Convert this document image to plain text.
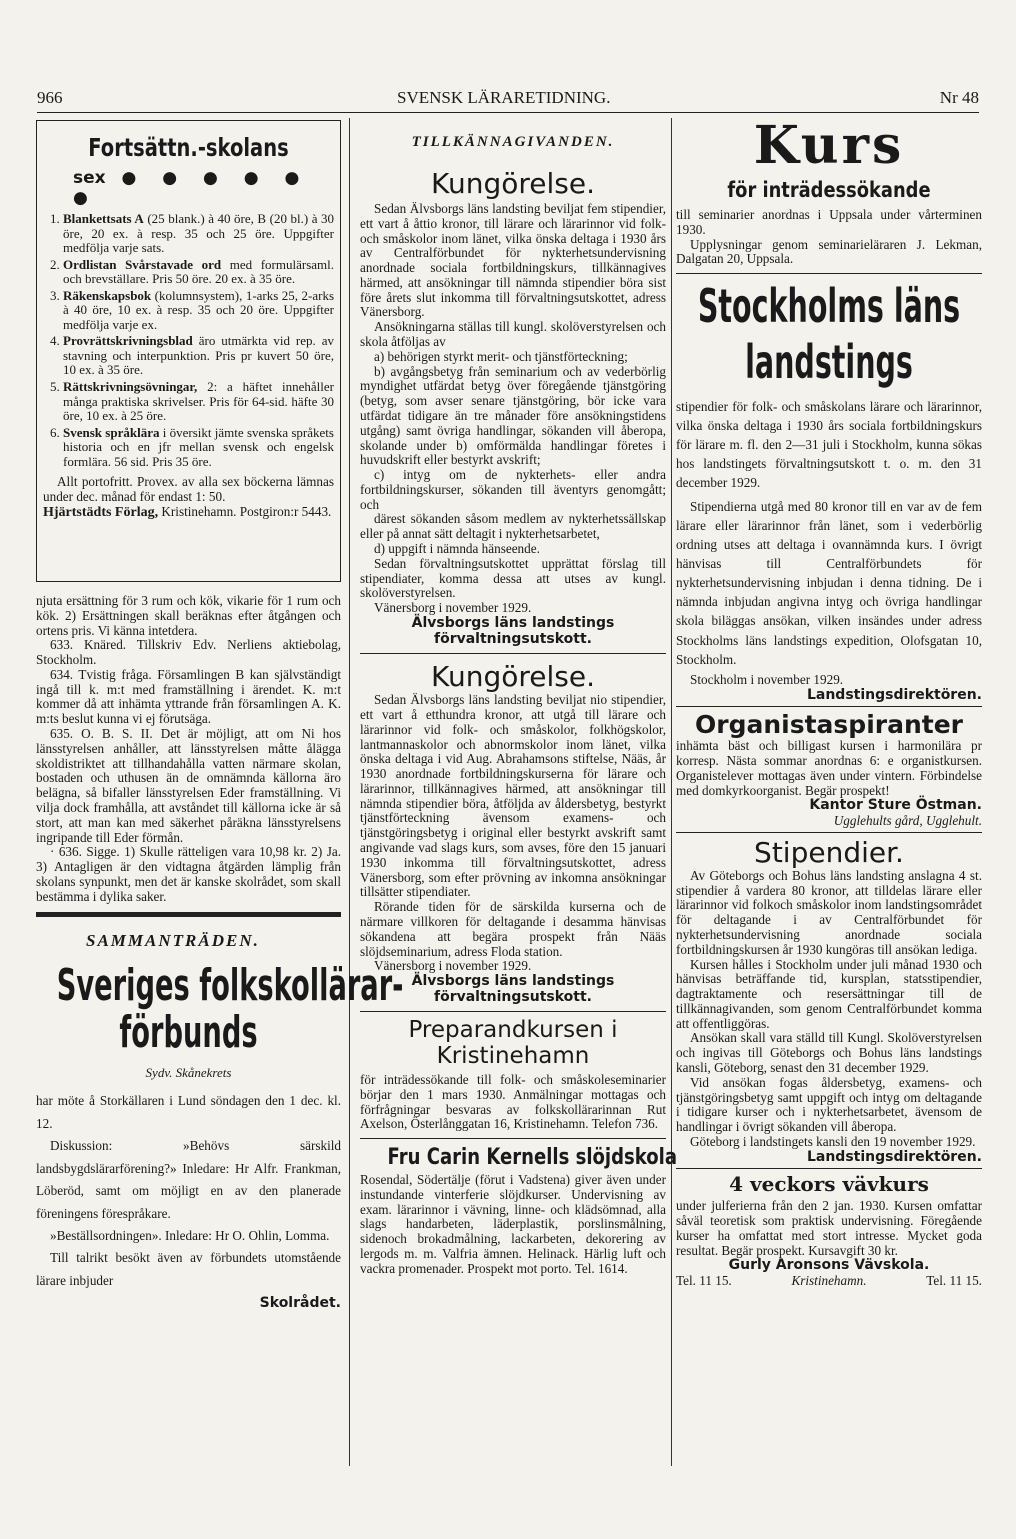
966	SVENSK LÄRARETIDNING.	Nr 48
Fortsättn.-skolans
sex ● ● ● ● ● ●
1. Blankettsats A (25 blank.) à 40 öre, B (20 bl.) à 30 öre, 20 ex. à resp. 35 och 25 öre. Uppgifter medfölja varje sats.
2. Ordlistan Svårstavade ord med formulärsaml. och brevställare. Pris 50 öre. 20 ex. à 35 öre.
3. Räkenskapsbok (kolumnsystem), 1-arks 25, 2-arks à 40 öre, 10 ex. à resp. 35 och 20 öre. Uppgifter medfölja varje ex.
4. Provrättskrivningsblad äro utmärkta vid rep. av stavning och interpunktion. Pris pr kuvert 50 öre, 10 ex. à 35 öre.
5. Rättskrivningsövningar, 2: a häftet innehåller många praktiska skrivelser. Pris för 64-sid. häfte 30 öre, 10 ex. à 25 öre.
6. Svensk språklära i översikt jämte svenska språkets historia och en jfr mellan svensk och engelsk formlära. 56 sid. Pris 35 öre.

Allt portofritt. Provex. av alla sex böckerna lämnas under dec. månad för endast 1: 50.

Hjärtstädts Förlag, Kristinehamn. Postgiron:r 5443.

njuta ersättning för 3 rum och kök, vikarie för 1 rum och kök. 2) Ersättningen skall beräknas efter åtgången och ortens pris. Vi känna intetdera.

633. Knäred. Tillskriv Edv. Nerliens aktiebolag, Stockholm.

634. Tvistig fråga. Församlingen B kan självständigt ingå till k. m:t med framställning i ärendet. K. m:t kommer då att inhämta yttrande från församlingen A. K. m:ts beslut kunna vi ej förutsäga.

635. O. B. S. II. Det är möjligt, att om Ni hos länsstyrelsen anhåller, att länsstyrelsen måtte ålägga skoldistriktet att tillhandahålla vatten närmare skolan, bostaden och uthusen än de omnämnda källorna äro belägna, så bifaller länsstyrelsen Eder framställning. Vi vilja dock framhålla, att avståndet till källorna icke är så stort, att man kan med säkerhet påräkna länsstyrelsens ingripande till Eder förmån.

· 636. Sigge. 1) Skulle rätteligen vara 10,98 kr. 2) Ja. 3) Antagligen är den vidtagna åtgärden lämplig från skolans synpunkt, men det är kanske skolrådet, som skall bestämma i dylika saker.

SAMMANTRÄDEN.
Sveriges folkskollärar-
förbunds

Sydv. Skånekrets

har möte å Storkällaren i Lund söndagen den 1 dec. kl. 12.

Diskussion: »Behövs särskild landsbygdslärarförening?» Inledare: Hr Alfr. Frankman, Löberöd, samt om möjligt en av den planerade föreningens förespråkare.

»Beställsordningen». Inledare: Hr O. Ohlin, Lomma.

Till talrikt besökt även av förbundets utomstående lärare inbjuder

Skolrådet.

TILLKÄNNAGIVANDEN.
Kungörelse.

Sedan Älvsborgs läns landsting beviljat fem stipendier, ett vart å åttio kronor, till lärare och lärarinnor vid folk- och småskolor inom länet, vilka önska deltaga i 1930 års av Centralförbundet för nykterhetsundervisning anordnade sociala fortbildningskurs, tillkännagives härmed, att ansökningar till nämnda stipendier böra sist före årets slut inkomma till förvaltningsutskottet, adress Vänersborg.

Ansökningarna ställas till kungl. skolöverstyrelsen och skola åtföljas av

a) behörigen styrkt merit- och tjänstförteckning;

b) avgångsbetyg från seminarium och av vederbörlig myndighet utfärdat betyg över föregående tjänstgöring (betyg, som avser senare tjänstgöring, bör icke vara utfärdat tidigare än tre månader före ansökningstidens utgång) samt övriga handlingar, sökanden vill åberopa, skolande under b) omförmälda handlingar företes i huvudskrift eller bestyrkt avskrift;

c) intyg om de nykterhets- eller andra fortbildningskurser, sökanden till äventyrs genomgått; och

därest sökanden såsom medlem av nykterhetssällskap eller på annat sätt deltagit i nykterhetsarbetet,

d) uppgift i nämnda hänseende.

Sedan förvaltningsutskottet upprättat förslag till stipendiater, komma dessa att utses av kungl. skolöverstyrelsen.

Vänersborg i november 1929.

Älvsborgs läns landstings förvaltningsutskott.

Kungörelse.

Sedan Älvsborgs läns landsting beviljat nio stipendier, ett vart å etthundra kronor, att utgå till lärare och lärarinnor vid folk- och småskolor, folkhögskolor, lantmannaskolor och abnormskolor inom länet, vilka önska deltaga i vid Aug. Abrahamsons stiftelse, Nääs, år 1930 anordnade fortbildningskurserna för lärare och lärarinnor, tillkännagives härmed, att ansökningar till nämnda stipendier böra, åtföljda av åldersbetyg, bestyrkt tjänstförteckning ävensom examens- och tjänstgöringsbetyg i original eller bestyrkt avskrift samt angivande vad slags kurs, som avses, före den 15 januari 1930 inkomma till förvaltningsutskottet, adress Vänersborg, som efter prövning av inkomna ansökningar tillsätter stipendiater.

Rörande tiden för de särskilda kurserna och de närmare villkoren för deltagande i desamma hänvisas sökandena att begära prospekt från Nääs slöjdseminarium, adress Floda station.

Vänersborg i november 1929.

Älvsborgs läns landstings förvaltningsutskott.

Preparandkursen i Kristinehamn

för inträdessökande till folk- och småskoleseminarier börjar den 1 mars 1930. Anmälningar mottagas och förfrågningar besvaras av folkskollärarinnan Rut Axelson, Österlånggatan 16, Kristinehamn. Telefon 736.

Fru Carin Kernells slöjdskola

Rosendal, Södertälje (förut i Vadstena) giver även under instundande vinterferie slöjdkurser. Undervisning av exam. lärarinnor i vävning, linne- och klädsömnad, alla slags handarbeten, läderplastik, porslinsmålning, sidenoch brokadmålning, lackarbeten, dekorering av lergods m. m. Valfria ämnen. Helinack. Härlig luft och vackra promenader. Prospekt mot porto. Tel. 1614.

Kurs
för inträdessökande

till seminarier anordnas i Uppsala under vårterminen 1930.

Upplysningar genom seminarieläraren J. Lekman, Dalgatan 20, Uppsala.

Stockholms läns
landstings

stipendier för folk- och småskolans lärare och lärarinnor, vilka önska deltaga i 1930 års sociala fortbildningskurs för lärare m. fl. den 2—31 juli i Stockholm, kunna sökas hos landstingets förvaltningsutskott t. o. m. den 31 december 1929.

Stipendierna utgå med 80 kronor till en var av de fem lärare eller lärarinnor från länet, som i vederbörlig ordning utses att deltaga i ovannämnda kurs. I övrigt hänvisas till Centralförbundets för nykterhetsundervisning inbjudan i denna tidning. De i nämnda inbjudan angivna intyg och övriga handlingar skola biläggas ansökan, vilken insändes under adress Stockholms läns landstings expedition, Olofsgatan 10, Stockholm.

Stockholm i november 1929.

Landstingsdirektören.

Organistaspiranter

inhämta bäst och billigast kursen i harmonilära pr korresp. Nästa sommar anordnas 6: e organistkursen. Organistelever mottagas även under vintern. Förbindelse med domkyrkoorganist. Begär prospekt!

Kantor Sture Östman.

Ugglehults gård, Ugglehult.

Stipendier.

Av Göteborgs och Bohus läns landsting anslagna 4 st. stipendier å vardera 80 kronor, att tilldelas lärare eller lärarinnor vid folkoch småskolor inom landstingsområdet för deltagande i av Centralförbundet för nykterhetsundervisning anordnade sociala fortbildningskursen år 1930 kungöras till ansökan ledigа.

Kursen hålles i Stockholm under juli månad 1930 och hänvisas beträffande tid, kursplan, statsstipendier, dagtraktamente och resersättningar till de tillkännagivanden, som genom Centralförbundet komma att offentliggöras.

Ansökan skall vara ställd till Kungl. Skolöverstyrelsen och ingivas till Göteborgs och Bohus läns landstings kansli, Göteborg, senast den 31 december 1929.

Vid ansökan fogas åldersbetyg, examens- och tjänstgöringsbetyg samt uppgift och intyg om deltagande i tidigare kurser och i nykterhetsarbetet, ävensom de handlingar i övrigt sökanden vill åberopa.

Göteborg i landstingets kansli den 19 november 1929.

Landstingsdirektören.

4 veckors vävkurs

under julferierna från den 2 jan. 1930. Kursen omfattar såväl teoretisk som praktisk undervisning. Föregående kurser ha omfattat med stort intresse. Mycket goda resultat. Begär prospekt. Kursavgift 30 kr.

Gurly Aronsons Vävskola.

Tel. 11 15.	Kristinehamn.	Tel. 11 15.
